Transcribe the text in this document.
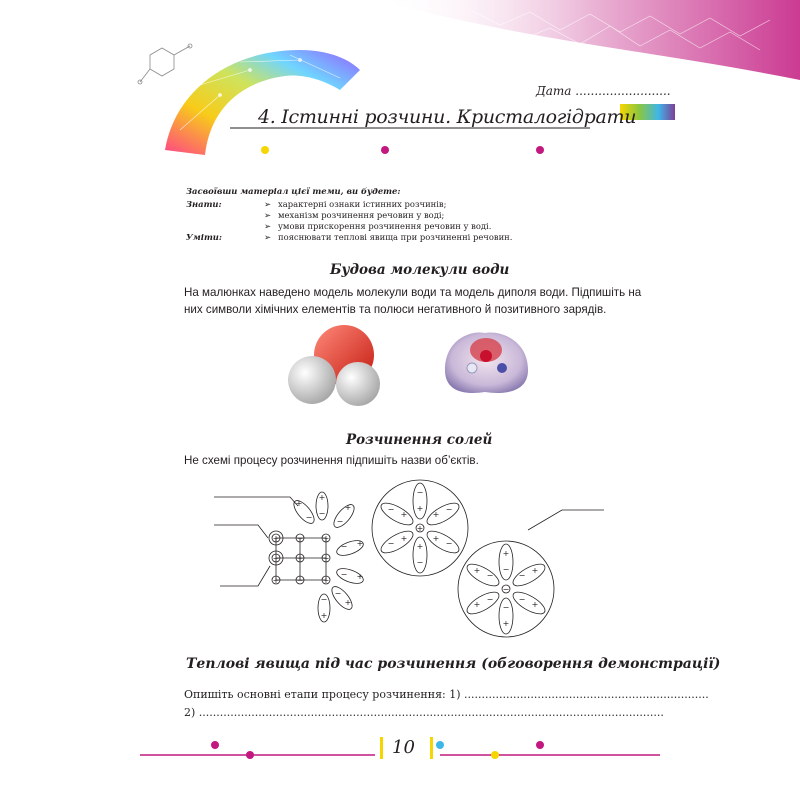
+ − +
− + −
+ − +
+
−
+
−
+
−
− +
− +
−
+
−
+
+
−
−
+
+
−
−
+
−
+
−
+
−
+
+
−
−
+
+
−
+
−
+
−
+
−
Дата .........................
4. Істинні розчини. Кристалогідрати
Засвоївши матеріал цієї теми, ви будете:
Знати:	➢ характерні ознаки істинних розчинів;
➢ механізм розчинення речовин у воді;
➢ умови прискорення розчинення речовин у воді.
Уміти:	➢ пояснювати теплові явища при розчиненні речовин.
Будова молекули води
На малюнках наведено модель молекули води та модель диполя води. Підпишіть на
них символи хімічних елементів та полюси негативного й позитивного зарядів.
Розчинення солей
Не схемі процесу розчинення підпишіть назви об’єктів.
Теплові явища під час розчинення (обговорення демонстрації)
Опишіть основні етапи процесу розчинення: 1) ......................................................................
2) .....................................................................................................................................
10
